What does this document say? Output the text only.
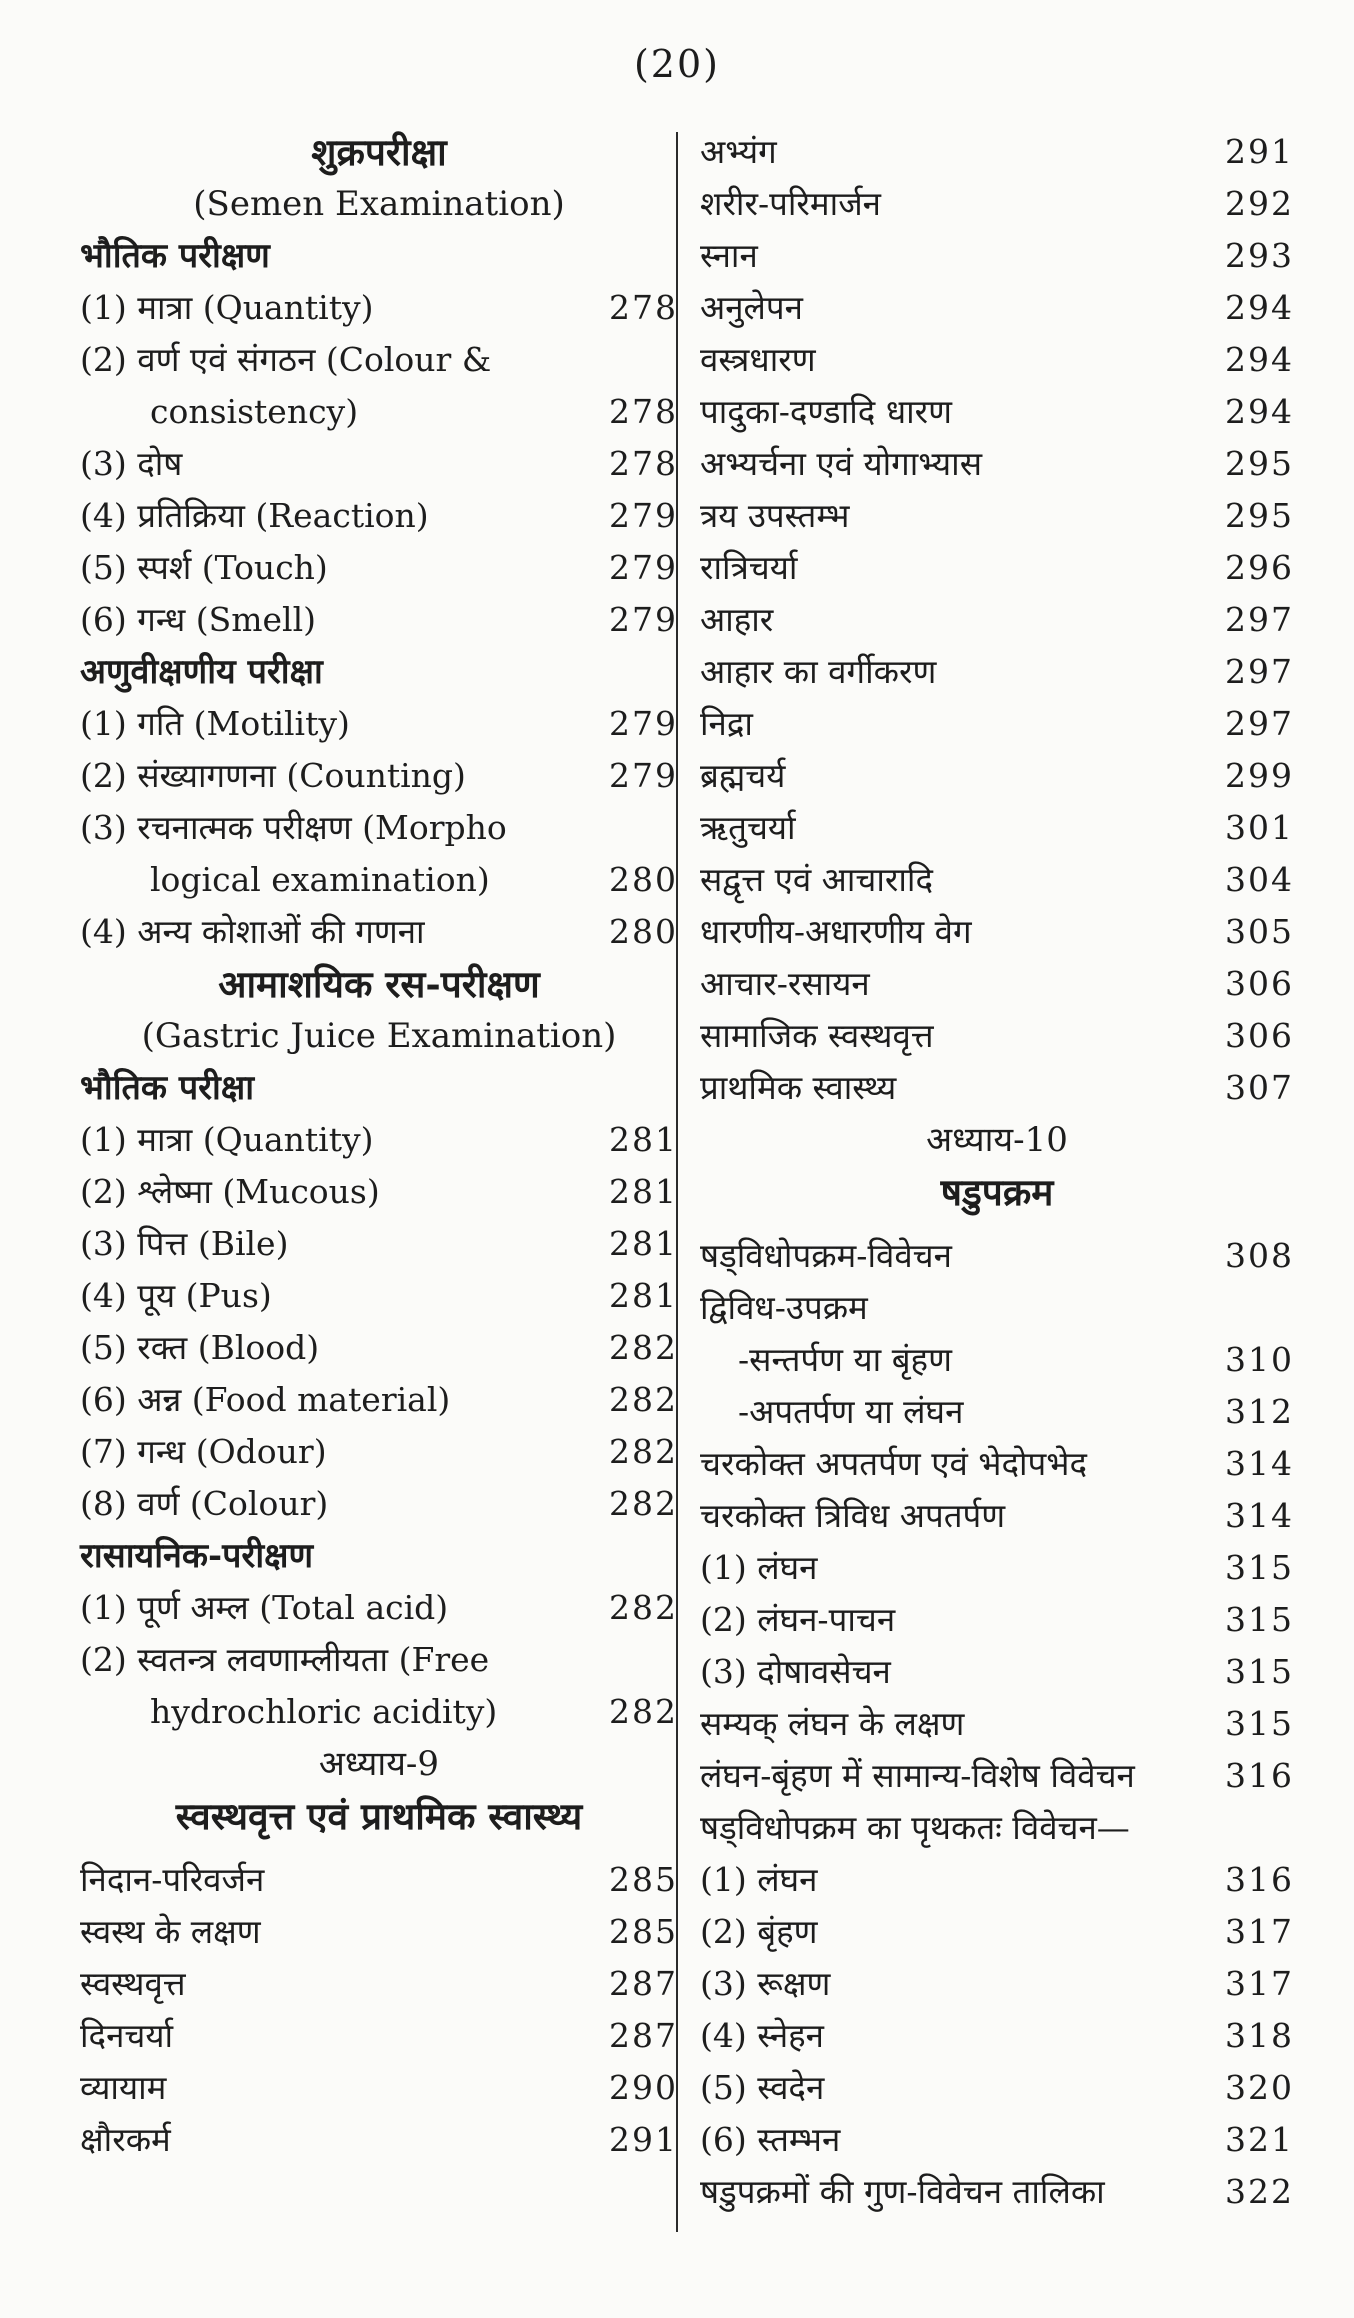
(20)
शुक्रपरीक्षा
(Semen Examination)
भौतिक परीक्षण
(1) मात्रा (Quantity)	278
(2) वर्ण एवं संगठन (Colour &
consistency)	278
(3) दोष	278
(4) प्रतिक्रिया (Reaction)	279
(5) स्पर्श (Touch)	279
(6) गन्ध (Smell)	279
अणुवीक्षणीय परीक्षा
(1) गति (Motility)	279
(2) संख्यागणना (Counting)	279
(3) रचनात्मक परीक्षण (Morpho
logical examination)	280
(4) अन्य कोशाओं की गणना	280
आमाशयिक रस-परीक्षण
(Gastric Juice Examination)
भौतिक परीक्षा
(1) मात्रा (Quantity)	281
(2) श्लेष्मा (Mucous)	281
(3) पित्त (Bile)	281
(4) पूय (Pus)	281
(5) रक्त (Blood)	282
(6) अन्न (Food material)	282
(7) गन्ध (Odour)	282
(8) वर्ण (Colour)	282
रासायनिक-परीक्षण
(1) पूर्ण अम्ल (Total acid)	282
(2) स्वतन्त्र लवणाम्लीयता (Free
hydrochloric acidity)	282
अध्याय-9
स्वस्थवृत्त एवं प्राथमिक स्वास्थ्य
निदान-परिवर्जन	285
स्वस्थ के लक्षण	285
स्वस्थवृत्त	287
दिनचर्या	287
व्यायाम	290
क्षौरकर्म	291
अभ्यंग	291
शरीर-परिमार्जन	292
स्नान	293
अनुलेपन	294
वस्त्रधारण	294
पादुका-दण्डादि धारण	294
अभ्यर्चना एवं योगाभ्यास	295
त्रय उपस्तम्भ	295
रात्रिचर्या	296
आहार	297
आहार का वर्गीकरण	297
निद्रा	297
ब्रह्मचर्य	299
ऋतुचर्या	301
सद्वृत्त एवं आचारादि	304
धारणीय-अधारणीय वेग	305
आचार-रसायन	306
सामाजिक स्वस्थवृत्त	306
प्राथमिक स्वास्थ्य	307
अध्याय-10
षडुपक्रम
षड्विधोपक्रम-विवेचन	308
द्विविध-उपक्रम
-सन्तर्पण या बृंहण	310
-अपतर्पण या लंघन	312
चरकोक्त अपतर्पण एवं भेदोपभेद	314
चरकोक्त त्रिविध अपतर्पण	314
(1) लंघन	315
(2) लंघन-पाचन	315
(3) दोषावसेचन	315
सम्यक् लंघन के लक्षण	315
लंघन-बृंहण में सामान्य-विशेष विवेचन	316
षड्विधोपक्रम का पृथकतः विवेचन—
(1) लंघन	316
(2) बृंहण	317
(3) रूक्षण	317
(4) स्नेहन	318
(5) स्वदेन	320
(6) स्तम्भन	321
षडुपक्रमों की गुण-विवेचन तालिका	322
